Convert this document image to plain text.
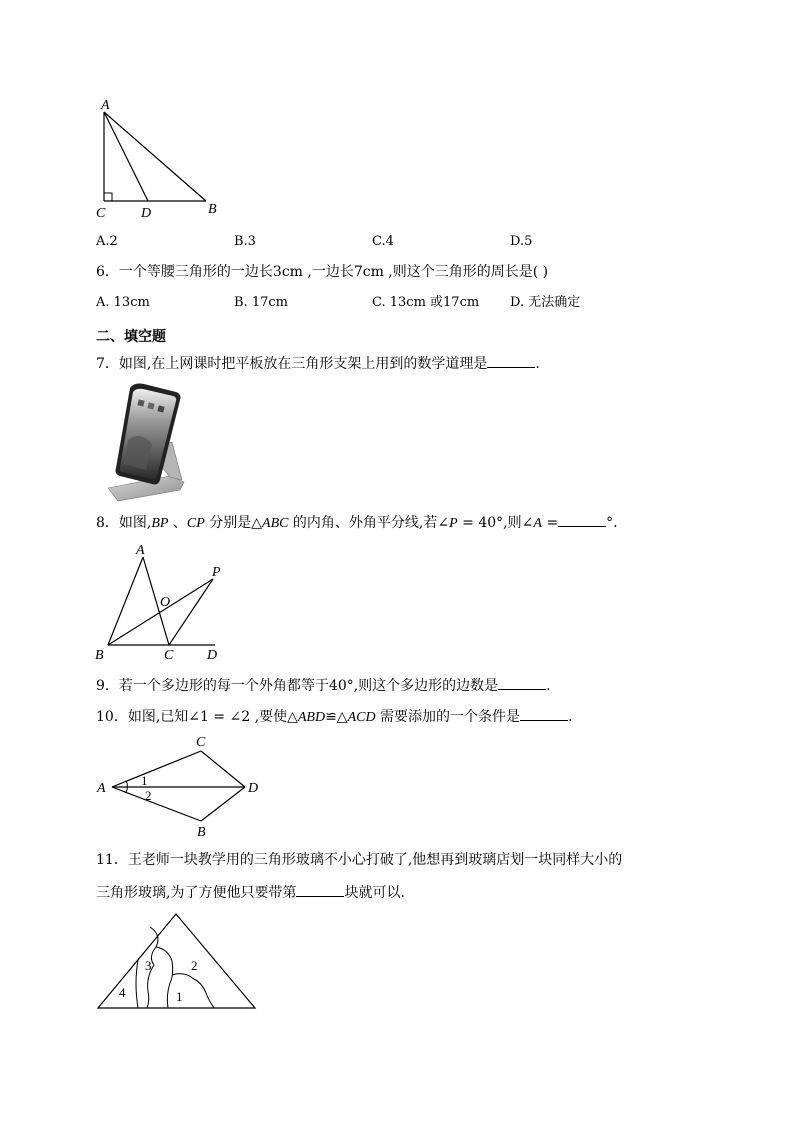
A
C	D	B
A.2	B.3	C.4	D.5
6．一个等腰三角形的一边长3cm ,一边长7cm ,则这个三角形的周长是( )
A. 13cm	B. 17cm	C. 13cm 或17cm D. 无法确定
二、填空题
7．如图,在上网课时把平板放在三角形支架上用到的数学道理是	.
8．如图,BP 、CP 分别是△ABC 的内角、外角平分线,若∠P = 40°,则∠A =	°.
A
P
O
B	C D
9．若一个多边形的每一个外角都等于40°,则这个多边形的边数是	.
10．如图,已知∠1 = ∠2 ,要使△ABD≌△ACD 需要添加的一个条件是	.
C
A	D
B
1
2
11．王老师一块教学用的三角形玻璃不小心打破了,他想再到玻璃店划一块同样大小的
三角形玻璃,为了方便他只要带第	块就可以.
1
2
3
4
